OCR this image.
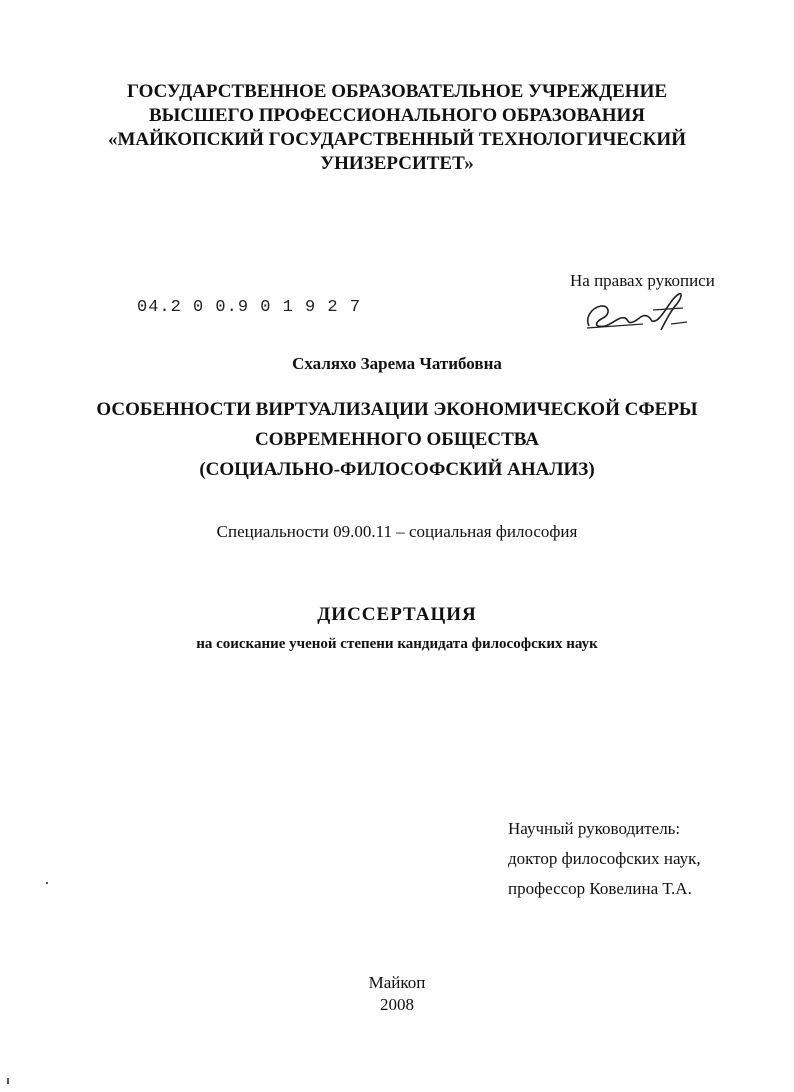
ГОСУДАРСТВЕННОЕ ОБРАЗОВАТЕЛЬНОЕ УЧРЕЖДЕНИЕ
ВЫСШЕГО ПРОФЕССИОНАЛЬНОГО ОБРАЗОВАНИЯ
«МАЙКОПСКИЙ ГОСУДАРСТВЕННЫЙ ТЕХНОЛОГИЧЕСКИЙ
УНИЗЕРСИТЕТ»
На правах рукописи
04.2 0 0.9 0 1 9 2 7
Схаляхо Зарема Чатибовна
ОСОБЕННОСТИ ВИРТУАЛИЗАЦИИ ЭКОНОМИЧЕСКОЙ СФЕРЫ
СОВРЕМЕННОГО ОБЩЕСТВА
(СОЦИАЛЬНО-ФИЛОСОФСКИЙ АНАЛИЗ)
Специальности 09.00.11 – социальная философия
ДИССЕРТАЦИЯ
на соискание ученой степени кандидата философских наук
Научный руководитель:
доктор философских наук,
профессор Ковелина Т.А.
Майкоп
2008
